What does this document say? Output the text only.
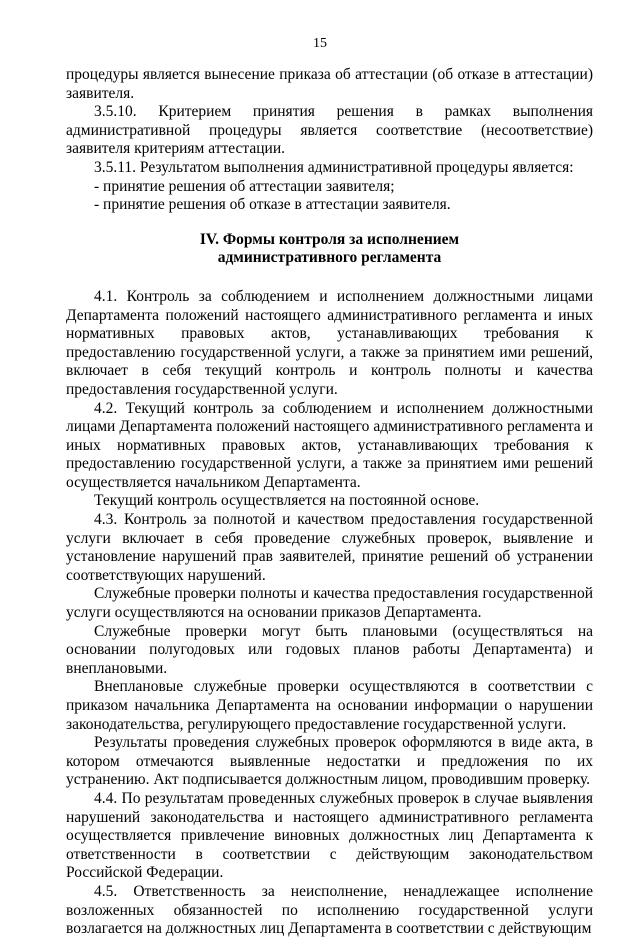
15

процедуры является вынесение приказа об аттестации (об отказе в аттестации) заявителя.

3.5.10. Критерием принятия решения в рамках выполнения административной процедуры является соответствие (несоответствие) заявителя критериям аттестации.

3.5.11. Результатом выполнения административной процедуры является:

- принятие решения об аттестации заявителя;

- принятие решения об отказе в аттестации заявителя.

IV. Формы контроля за исполнением
административного регламента

4.1. Контроль за соблюдением и исполнением должностными лицами Департамента положений настоящего административного регламента и иных нормативных правовых актов, устанавливающих требования к предоставлению государственной услуги, а также за принятием ими решений, включает в себя текущий контроль и контроль полноты и качества предоставления государственной услуги.

4.2. Текущий контроль за соблюдением и исполнением должностными лицами Департамента положений настоящего административного регламента и иных нормативных правовых актов, устанавливающих требования к предоставлению государственной услуги, а также за принятием ими решений осуществляется начальником Департамента.

Текущий контроль осуществляется на постоянной основе.

4.3. Контроль за полнотой и качеством предоставления государственной услуги включает в себя проведение служебных проверок, выявление и установление нарушений прав заявителей, принятие решений об устранении соответствующих нарушений.

Служебные проверки полноты и качества предоставления государственной услуги осуществляются на основании приказов Департамента.

Служебные проверки могут быть плановыми (осуществляться на основании полугодовых или годовых планов работы Департамента) и внеплановыми.

Внеплановые служебные проверки осуществляются в соответствии с приказом начальника Департамента на основании информации о нарушении законодательства, регулирующего предоставление государственной услуги.

Результаты проведения служебных проверок оформляются в виде акта, в котором отмечаются выявленные недостатки и предложения по их устранению. Акт подписывается должностным лицом, проводившим проверку.

4.4. По результатам проведенных служебных проверок в случае выявления нарушений законодательства и настоящего административного регламента осуществляется привлечение виновных должностных лиц Департамента к ответственности в соответствии с действующим законодательством Российской Федерации.

4.5. Ответственность за неисполнение, ненадлежащее исполнение возложенных обязанностей по исполнению государственной услуги возлагается на должностных лиц Департамента в соответствии с действующим
